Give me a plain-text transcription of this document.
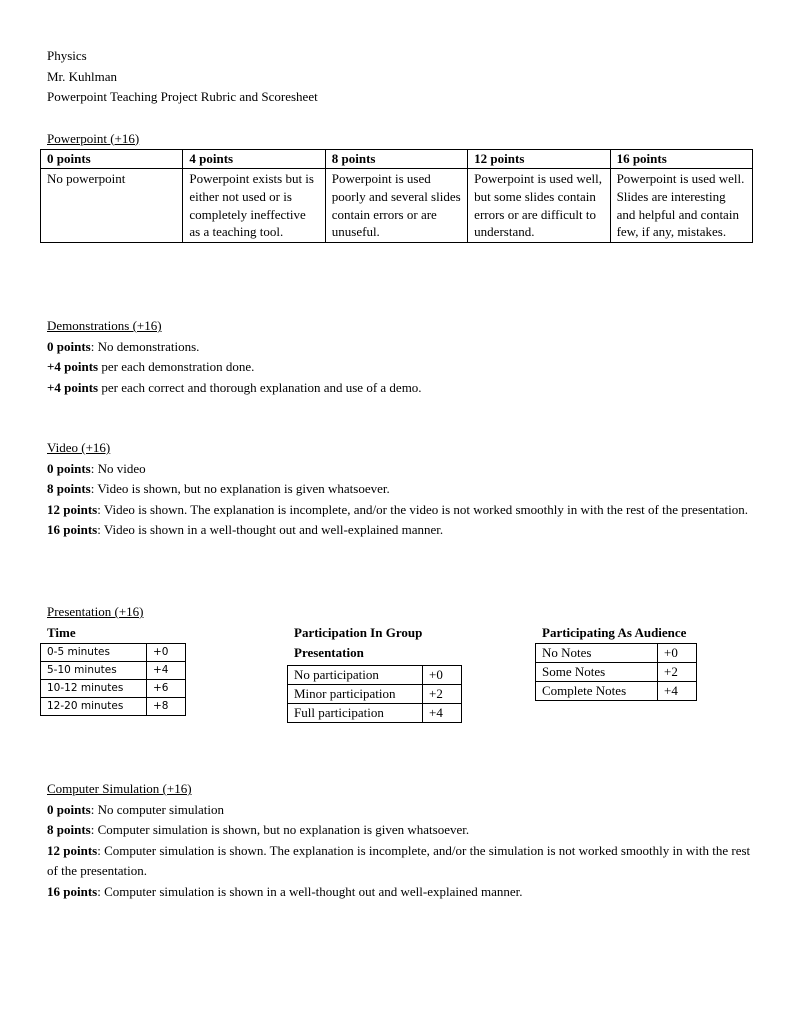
Physics
Mr. Kuhlman
Powerpoint Teaching Project Rubric and Scoresheet
Powerpoint (+16)
0 points	4 points	8 points	12 points	16 points
No powerpoint	Powerpoint exists but is either not used or is completely ineffective as a teaching tool.	Powerpoint is used poorly and several slides contain errors or are unuseful.	Powerpoint is used well, but some slides contain errors or are difficult to understand.	Powerpoint is used well. Slides are interesting and helpful and contain few, if any, mistakes.
Demonstrations (+16)
0 points: No demonstrations.
+4 points per each demonstration done.
+4 points per each correct and thorough explanation and use of a demo.
Video (+16)
0 points: No video
8 points: Video is shown, but no explanation is given whatsoever.
12 points: Video is shown. The explanation is incomplete, and/or the video is not worked smoothly in with the rest of the presentation.
16 points: Video is shown in a well-thought out and well-explained manner.
Presentation (+16)
Time
0-5 minutes	+0
5-10 minutes	+4
10-12 minutes	+6
12-20 minutes	+8
Participation In Group Presentation
No participation	+0
Minor participation	+2
Full participation	+4
Participating As Audience
No Notes	+0
Some Notes	+2
Complete Notes	+4
Computer Simulation (+16)
0 points: No computer simulation
8 points: Computer simulation is shown, but no explanation is given whatsoever.
12 points: Computer simulation is shown. The explanation is incomplete, and/or the simulation is not worked smoothly in with the rest of the presentation.
16 points: Computer simulation is shown in a well-thought out and well-explained manner.
